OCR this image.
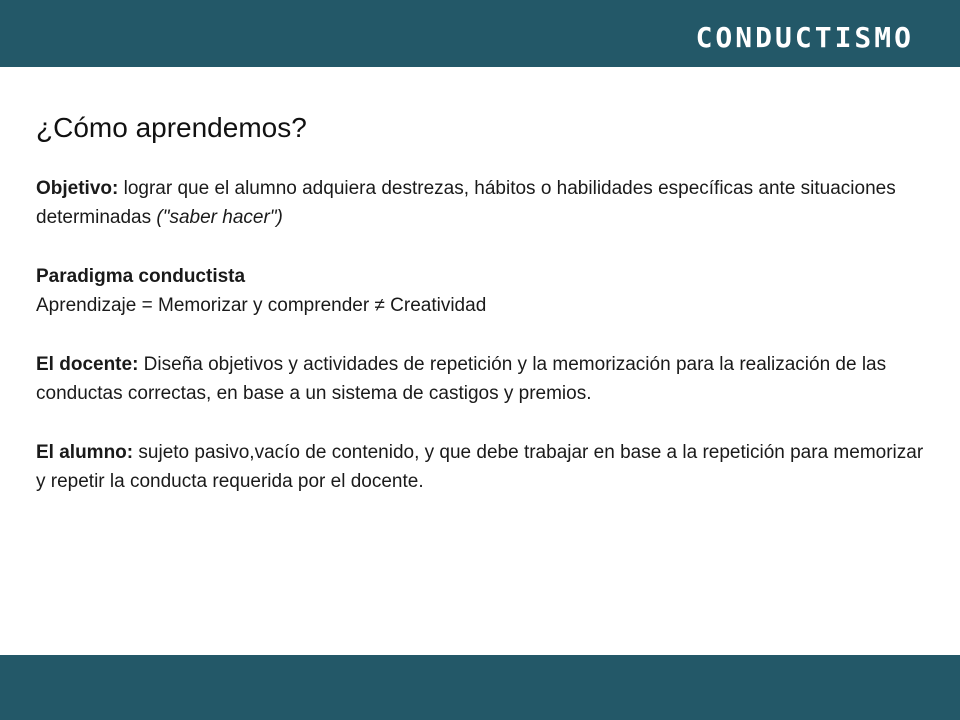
CONDUCTISMO
¿Cómo aprendemos?

Objetivo: lograr que el alumno adquiera destrezas, hábitos o habilidades específicas ante situaciones determinadas ("saber hacer")

Paradigma conductista
Aprendizaje = Memorizar y comprender ≠ Creatividad

El docente: Diseña objetivos y actividades de repetición y la memorización para la realización de las conductas correctas, en base a un sistema de castigos y premios.

El alumno: sujeto pasivo,vacío de contenido, y que debe trabajar en base a la repetición para memorizar y repetir la conducta requerida por el docente.
